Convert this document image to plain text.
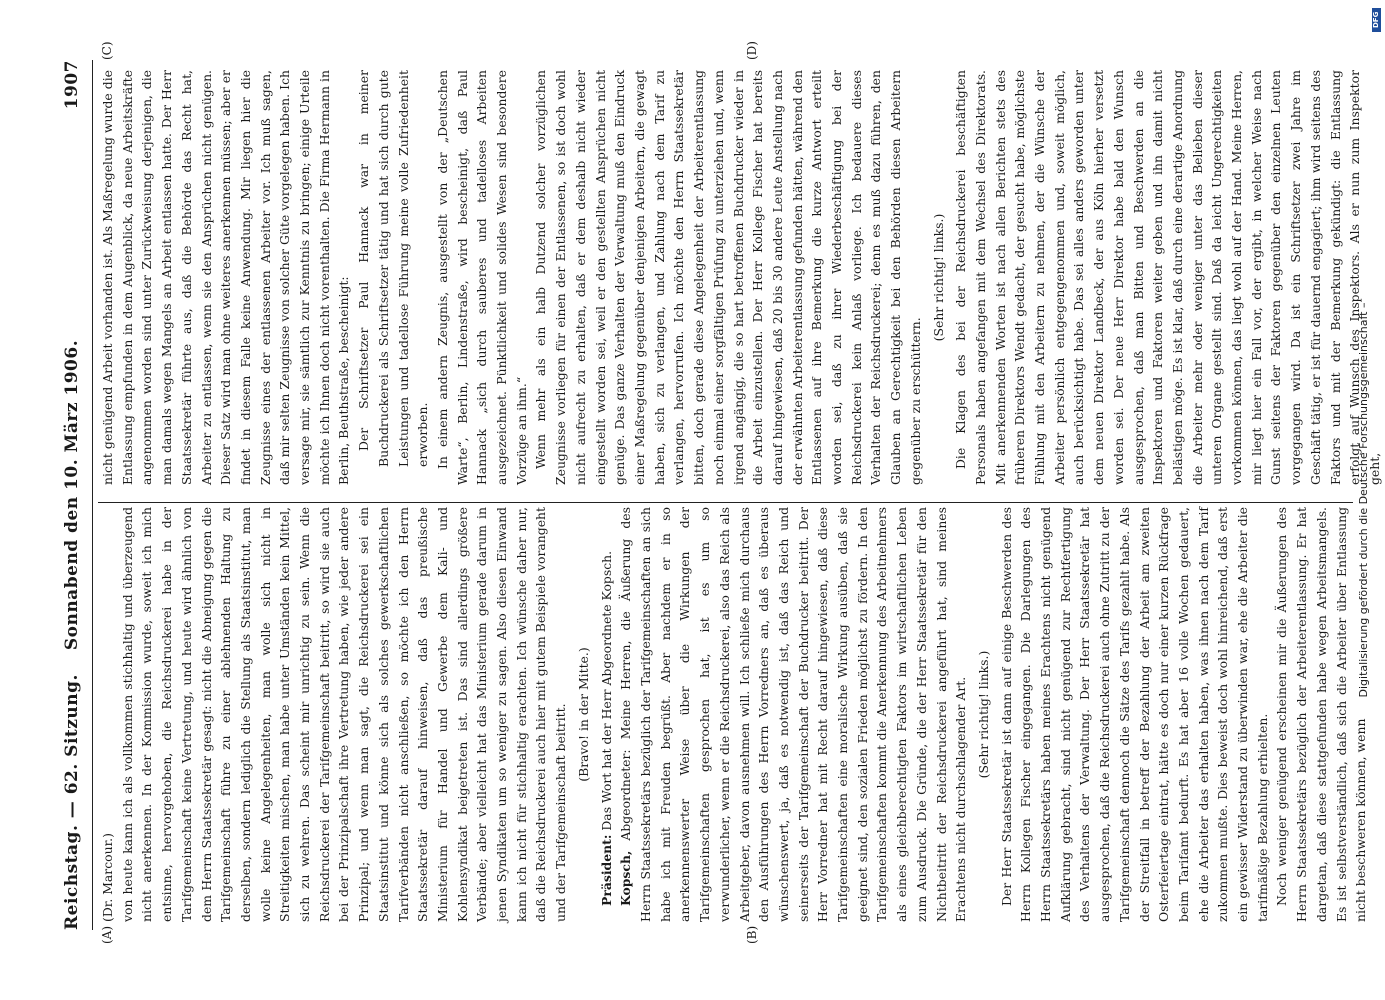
Reichstag. — 62. Sitzung.
Sonnabend den 10. März 1906.
1907
(A)	(B)
(C)	(D)

(Dr. Marcour.) von heute kann ich als vollkommen stichhaltig und überzeugend nicht anerkennen. In der Kommission wurde, soweit ich mich entsinne, hervorgehoben, die Reichsdruckerei habe in der Tarifgemeinschaft keine Vertretung, und heute wird ähnlich von dem Herrn Staatssekretär gesagt: nicht die Abneigung gegen die Tarifgemeinschaft führe zu einer ablehnenden Haltung zu derselben, sondern lediglich die Stellung als Staatsinstitut, man wolle keine Angelegenheiten, man wolle sich nicht in Streitigkeiten mischen, man habe unter Umständen kein Mittel, sich zu wehren. Das scheint mir unrichtig zu sein. Wenn die Reichsdruckerei der Tarifgemeinschaft beitritt, so wird sie auch bei der Prinzipalschaft ihre Vertretung haben, wie jeder andere Prinzipal; und wenn man sagt, die Reichsdruckerei sei ein Staatsinstitut und könne sich als solches gewerkschaftlichen Tarifverbänden nicht anschließen, so möchte ich den Herrn Staatssekretär darauf hinweisen, daß das preußische Ministerium für Handel und Gewerbe dem Kali- und Kohlensyndikat beigetreten ist. Das sind allerdings größere Verbände; aber vielleicht hat das Ministerium gerade darum in jenen Syndikaten um so weniger zu sagen. Also diesen Einwand kann ich nicht für stichhaltig erachten. Ich wünsche daher nur, daß die Reichsdruckerei auch hier mit gutem Beispiele vorangeht und der Tarifgemeinschaft beitritt. (Bravo! in der Mitte.)

Präsident: Das Wort hat der Herr Abgeordnete Kopsch.

Kopsch, Abgeordneter: Meine Herren, die Äußerung des Herrn Staatssekretärs bezüglich der Tarifgemeinschaften an sich habe ich mit Freuden begrüßt. Aber nachdem er in so anerkennenswerter Weise über die Wirkungen der Tarifgemeinschaften gesprochen hat, ist es um so verwunderlicher, wenn er die Reichsdruckerei, also das Reich als Arbeitgeber, davon ausnehmen will. Ich schließe mich durchaus den Ausführungen des Herrn Vorredners an, daß es überaus wünschenswert, ja, daß es notwendig ist, daß das Reich und seinerseits der Tarifgemeinschaft der Buchdrucker beitritt. Der Herr Vorredner hat mit Recht darauf hingewiesen, daß diese Tarifgemeinschaften eine moralische Wirkung ausüben, daß sie geeignet sind, den sozialen Frieden möglichst zu fördern. In den Tarifgemeinschaften kommt die Anerkennung des Arbeitnehmers als eines gleichberechtigten Faktors im wirtschaftlichen Leben zum Ausdruck. Die Gründe, die der Herr Staatssekretär für den Nichtbeitritt der Reichsdruckerei angeführt hat, sind meines Erachtens nicht durchschlagender Art. (Sehr richtig! links.) Der Herr Staatssekretär ist dann auf einige Beschwerden des Herrn Kollegen Fischer eingegangen. Die Darlegungen des Herrn Staatssekretärs haben meines Erachtens nicht genügend Aufklärung gebracht, sind nicht genügend zur Rechtfertigung des Verhaltens der Verwaltung. Der Herr Staatssekretär hat ausgesprochen, daß die Reichsdruckerei auch ohne Zutritt zu der Tarifgemeinschaft dennoch die Sätze des Tarifs gezahlt habe. Als der Streitfall in betreff der Bezahlung der Arbeit am zweiten Osterfeiertage eintrat, hätte es doch nur einer kurzen Rückfrage beim Tarifamt bedurft. Es hat aber 16 volle Wochen gedauert, ehe die Arbeiter das erhalten haben, was ihnen nach dem Tarif zukommen mußte. Dies beweist doch wohl hinreichend, daß erst ein gewisser Widerstand zu überwinden war, ehe die Arbeiter die tarifmäßige Bezahlung erhielten. Noch weniger genügend erscheinen mir die Äußerungen des Herrn Staatssekretärs bezüglich der Arbeiterentlassung. Er hat dargetan, daß diese stattgefunden habe wegen Arbeitsmangels. Es ist selbstverständlich, daß sich die Arbeiter über Entlassung nicht beschweren können, wenn

nicht genügend Arbeit vorhanden ist. Als Maßregelung wurde die Entlassung empfunden in dem Augenblick, da neue Arbeitskräfte angenommen worden sind unter Zurückweisung derjenigen, die man damals wegen Mangels an Arbeit entlassen hatte. Der Herr Staatssekretär führte aus, daß die Behörde das Recht hat, Arbeiter zu entlassen, wenn sie den Ansprüchen nicht genügen. Dieser Satz wird man ohne weiteres anerkennen müssen; aber er findet in diesem Falle keine Anwendung. Mir liegen hier die Zeugnisse eines der entlassenen Arbeiter vor. Ich muß sagen, daß mir selten Zeugnisse von solcher Güte vorgelegen haben. Ich versage mir, sie sämtlich zur Kenntnis zu bringen; einige Urteile möchte ich Ihnen doch nicht vorenthalten. Die Firma Hermann in Berlin, Beuthstraße, bescheinigt: Der Schriftsetzer Paul Hannack war in meiner Buchdruckerei als Schriftsetzer tätig und hat sich durch gute Leistungen und tadellose Führung meine volle Zufriedenheit erworben. In einem andern Zeugnis, ausgestellt von der „Deutschen Warte“, Berlin, Lindenstraße, wird bescheinigt, daß Paul Hannack „sich durch sauberes und tadelloses Arbeiten ausgezeichnet. Pünktlichkeit und solides Wesen sind besondere Vorzüge an ihm.“ Wenn mehr als ein halb Dutzend solcher vorzüglichen Zeugnisse vorliegen für einen der Entlassenen, so ist doch wohl nicht aufrecht zu erhalten, daß er dem deshalb nicht wieder eingestellt worden sei, weil er den gestellten Ansprüchen nicht genüge. Das ganze Verhalten der Verwaltung muß den Eindruck einer Maßregelung gegenüber denjenigen Arbeitern, die gewagt haben, sich zu verlangen, und Zahlung nach dem Tarif zu verlangen, hervorrufen. Ich möchte den Herrn Staatssekretär bitten, doch gerade diese Angelegenheit der Arbeiterentlassung noch einmal einer sorgfältigen Prüfung zu unterziehen und, wenn irgend angängig, die so hart betroffenen Buchdrucker wieder in die Arbeit einzustellen. Der Herr Kollege Fischer hat bereits darauf hingewiesen, daß 20 bis 30 andere Leute Anstellung nach der erwähnten Arbeiterentlassung gefunden hätten, während den Entlassenen auf ihre Bemerkung die kurze Antwort erteilt worden sei, daß zu ihrer Wiederbeschäftigung bei der Reichsdruckerei kein Anlaß vorliege. Ich bedauere dieses Verhalten der Reichsdruckerei; denn es muß dazu führen, den Glauben an Gerechtigkeit bei den Behörden diesen Arbeitern gegenüber zu erschüttern.

(Sehr richtig! links.) Die Klagen des bei der Reichsdruckerei beschäftigten Personals haben angefangen mit dem Wechsel des Direktorats. Mit anerkennenden Worten ist nach allen Berichten stets des früheren Direktors Wendt gedacht, der gesucht habe, möglichste Fühlung mit den Arbeitern zu nehmen, der die Wünsche der Arbeiter persönlich entgegengenommen und, soweit möglich, auch berücksichtigt habe. Das sei alles anders geworden unter dem neuen Direktor Landbeck, der aus Köln hierher versetzt worden sei. Der neue Herr Direktor habe bald den Wunsch ausgesprochen, daß man Bitten und Beschwerden an die Inspektoren und Faktoren weiter geben und ihn damit nicht belästigen möge. Es ist klar, daß durch eine derartige Anordnung die Arbeiter mehr oder weniger unter das Belieben dieser unteren Organe gestellt sind. Daß da leicht Ungerechtigkeiten vorkommen können, das liegt wohl auf der Hand. Meine Herren, mir liegt hier ein Fall vor, der ergibt, in welcher Weise nach Gunst seitens der Faktoren gegenüber den einzelnen Leuten vorgegangen wird. Da ist ein Schriftsetzer zwei Jahre im Geschäft tätig, er ist für dauernd engagiert; ihm wird seitens des Faktors und mit der Bemerkung gekündigt: die Entlassung erfolgt auf Wunsch des Inspektors. Als er nun zum Inspektor geht,

Digitalisierung gefördert durch die Deutsche Forschungsgemeinschaft –
DFG
